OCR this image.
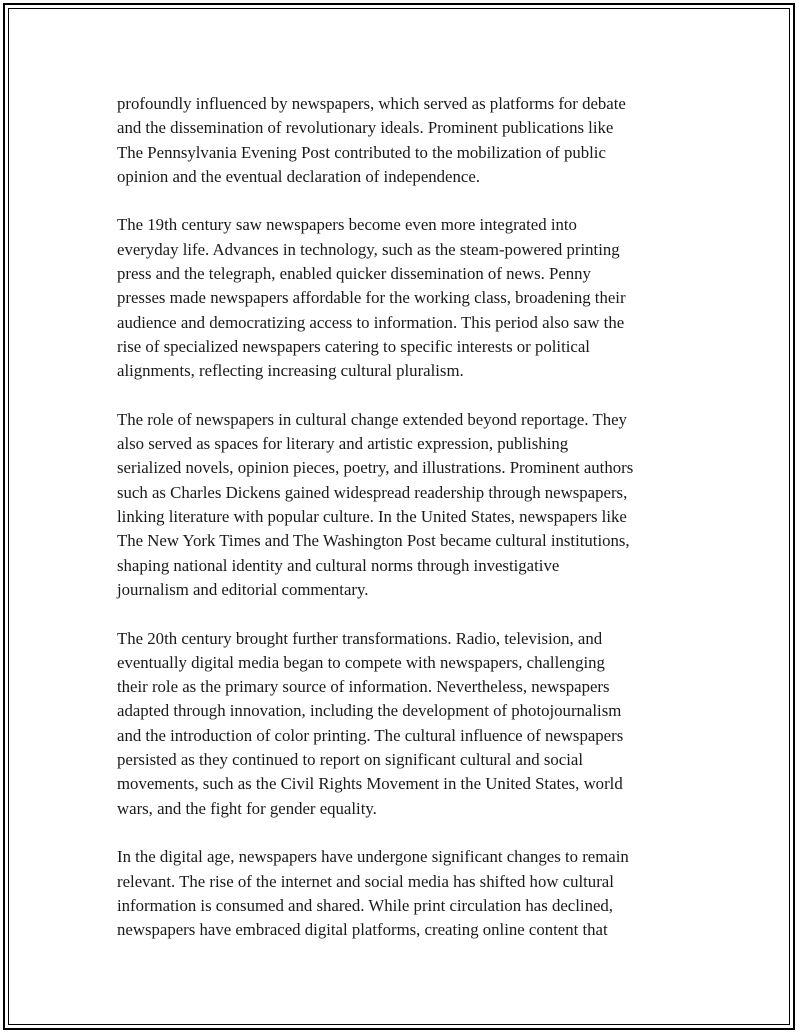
profoundly influenced by newspapers, which served as platforms for debate
and the dissemination of revolutionary ideals. Prominent publications like
The Pennsylvania Evening Post contributed to the mobilization of public
opinion and the eventual declaration of independence.

The 19th century saw newspapers become even more integrated into
everyday life. Advances in technology, such as the steam-powered printing
press and the telegraph, enabled quicker dissemination of news. Penny
presses made newspapers affordable for the working class, broadening their
audience and democratizing access to information. This period also saw the
rise of specialized newspapers catering to specific interests or political
alignments, reflecting increasing cultural pluralism.

The role of newspapers in cultural change extended beyond reportage. They
also served as spaces for literary and artistic expression, publishing
serialized novels, opinion pieces, poetry, and illustrations. Prominent authors
such as Charles Dickens gained widespread readership through newspapers,
linking literature with popular culture. In the United States, newspapers like
The New York Times and The Washington Post became cultural institutions,
shaping national identity and cultural norms through investigative
journalism and editorial commentary.

The 20th century brought further transformations. Radio, television, and
eventually digital media began to compete with newspapers, challenging
their role as the primary source of information. Nevertheless, newspapers
adapted through innovation, including the development of photojournalism
and the introduction of color printing. The cultural influence of newspapers
persisted as they continued to report on significant cultural and social
movements, such as the Civil Rights Movement in the United States, world
wars, and the fight for gender equality.

In the digital age, newspapers have undergone significant changes to remain
relevant. The rise of the internet and social media has shifted how cultural
information is consumed and shared. While print circulation has declined,
newspapers have embraced digital platforms, creating online content that
